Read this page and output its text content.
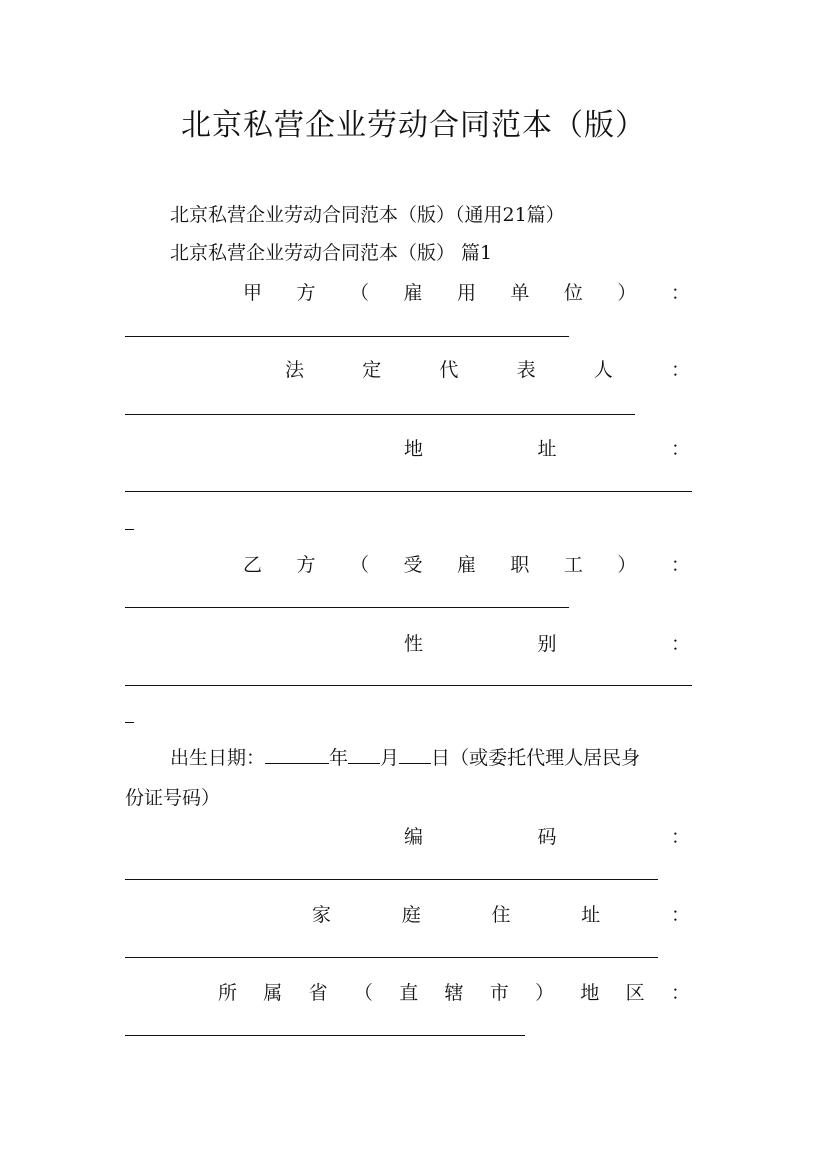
北京私营企业劳动合同范本（版）
北京私营企业劳动合同范本（版）（通用21篇）
北京私营企业劳动合同范本（版） 篇1
甲 方 （ 雇 用 单 位 ） ：
法	定	代	表	人	：
地	址	：
乙 方 （ 受 雇 职 工 ） ：
性	别	：
出生日期：	年 月 日（或委托代理人居民身
份证号码）
编	码	：
家	庭	住	址	：
所 属 省 （ 直 辖 市 ） 地 区 ：
